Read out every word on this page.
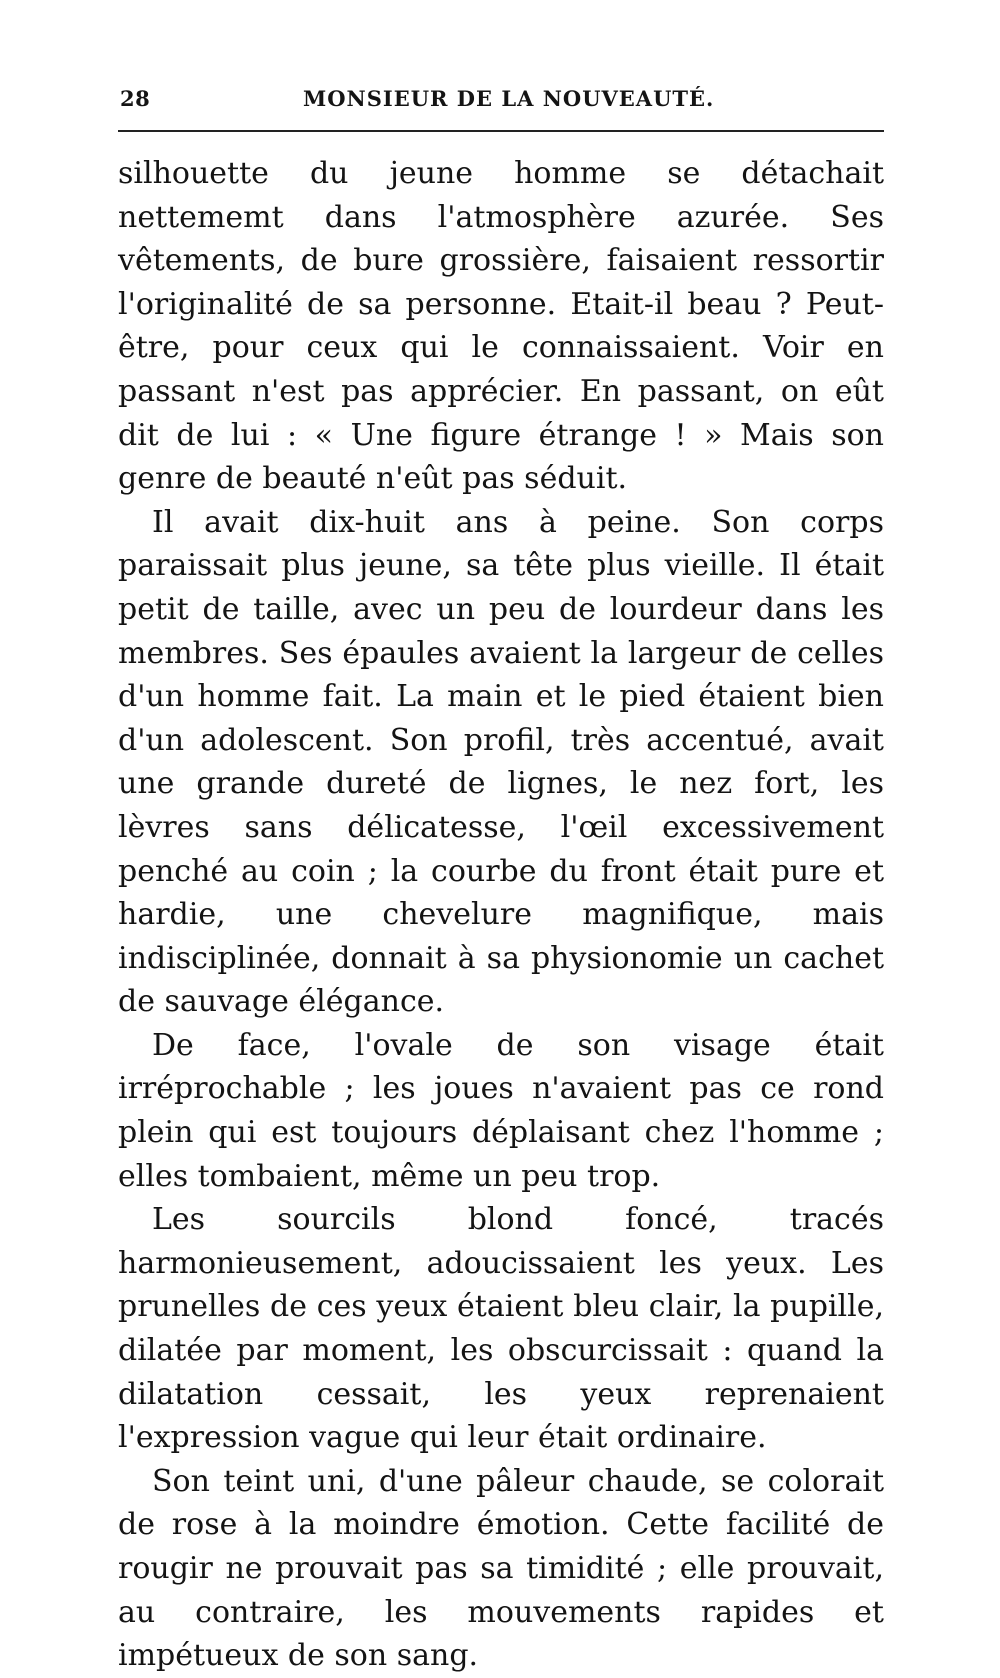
28	MONSIEUR DE LA NOUVEAUTÉ.

silhouette du jeune homme se détachait nettememt dans l'atmosphère azurée. Ses vêtements, de bure grossière, faisaient ressortir l'originalité de sa personne. Etait-il beau ? Peut-être, pour ceux qui le connaissaient. Voir en passant n'est pas apprécier. En passant, on eût dit de lui : « Une figure étrange ! » Mais son genre de beauté n'eût pas séduit.

Il avait dix-huit ans à peine. Son corps paraissait plus jeune, sa tête plus vieille. Il était petit de taille, avec un peu de lourdeur dans les membres. Ses épaules avaient la largeur de celles d'un homme fait. La main et le pied étaient bien d'un adolescent. Son profil, très accentué, avait une grande dureté de lignes, le nez fort, les lèvres sans délicatesse, l'œil excessivement penché au coin ; la courbe du front était pure et hardie, une chevelure magnifique, mais indisciplinée, donnait à sa physionomie un cachet de sauvage élégance.

De face, l'ovale de son visage était irréprochable ; les joues n'avaient pas ce rond plein qui est toujours déplaisant chez l'homme ; elles tombaient, même un peu trop.

Les sourcils blond foncé, tracés harmonieusement, adoucissaient les yeux. Les prunelles de ces yeux étaient bleu clair, la pupille, dilatée par moment, les obscurcissait : quand la dilatation cessait, les yeux reprenaient l'expression vague qui leur était ordinaire.

Son teint uni, d'une pâleur chaude, se colorait de rose à la moindre émotion. Cette facilité de rougir ne prouvait pas sa timidité ; elle prouvait, au contraire, les mouvements rapides et impétueux de son sang.
